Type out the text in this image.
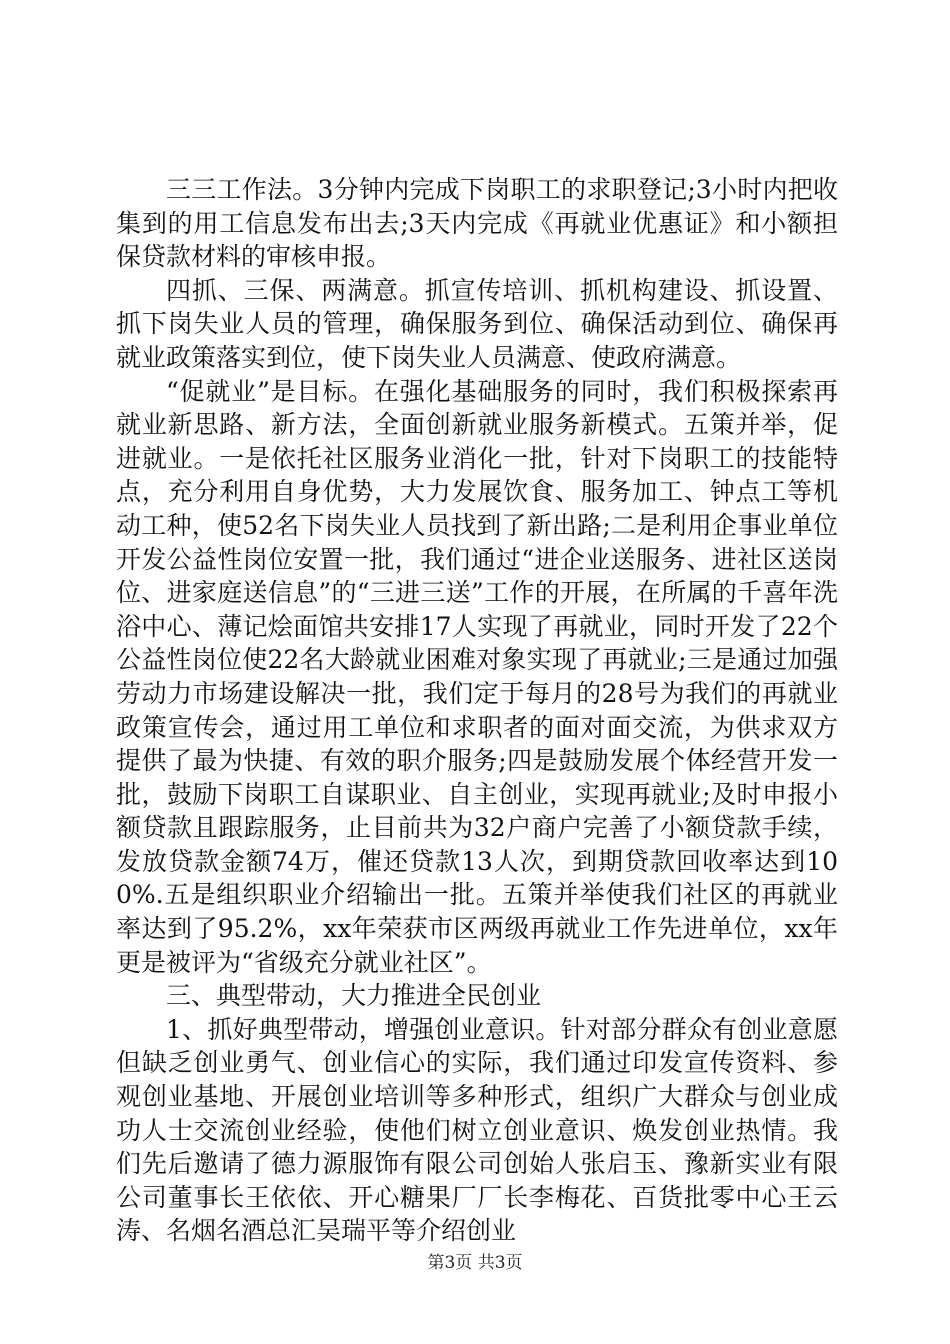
三三工作法。3分钟内完成下岗职工的求职登记;3小时内把收集到的用工信息发布出去;3天内完成《再就业优惠证》和小额担保贷款材料的审核申报。

四抓、三保、两满意。抓宣传培训、抓机构建设、抓设置、抓下岗失业人员的管理，确保服务到位、确保活动到位、确保再就业政策落实到位，使下岗失业人员满意、使政府满意。

“促就业”是目标。在强化基础服务的同时，我们积极探索再就业新思路、新方法，全面创新就业服务新模式。五策并举，促进就业。一是依托社区服务业消化一批，针对下岗职工的技能特点，充分利用自身优势，大力发展饮食、服务加工、钟点工等机动工种，使52名下岗失业人员找到了新出路;二是利用企事业单位开发公益性岗位安置一批，我们通过“进企业送服务、进社区送岗位、进家庭送信息”的“三进三送”工作的开展，在所属的千喜年洗浴中心、薄记烩面馆共安排17人实现了再就业，同时开发了22个公益性岗位使22名大龄就业困难对象实现了再就业;三是通过加强劳动力市场建设解决一批，我们定于每月的28号为我们的再就业政策宣传会，通过用工单位和求职者的面对面交流，为供求双方提供了最为快捷、有效的职介服务;四是鼓励发展个体经营开发一批，鼓励下岗职工自谋职业、自主创业，实现再就业;及时申报小额贷款且跟踪服务，止目前共为32户商户完善了小额贷款手续，发放贷款金额74万，催还贷款13人次，到期贷款回收率达到100%.五是组织职业介绍输出一批。五策并举使我们社区的再就业率达到了95.2%，xx年荣获市区两级再就业工作先进单位，xx年更是被评为“省级充分就业社区”。

三、典型带动，大力推进全民创业

1、抓好典型带动，增强创业意识。针对部分群众有创业意愿但缺乏创业勇气、创业信心的实际，我们通过印发宣传资料、参观创业基地、开展创业培训等多种形式，组织广大群众与创业成功人士交流创业经验，使他们树立创业意识、焕发创业热情。我们先后邀请了德力源服饰有限公司创始人张启玉、豫新实业有限公司董事长王依依、开心糖果厂厂长李梅花、百货批零中心王云涛、名烟名酒总汇吴瑞平等介绍创业

第3页 共3页
